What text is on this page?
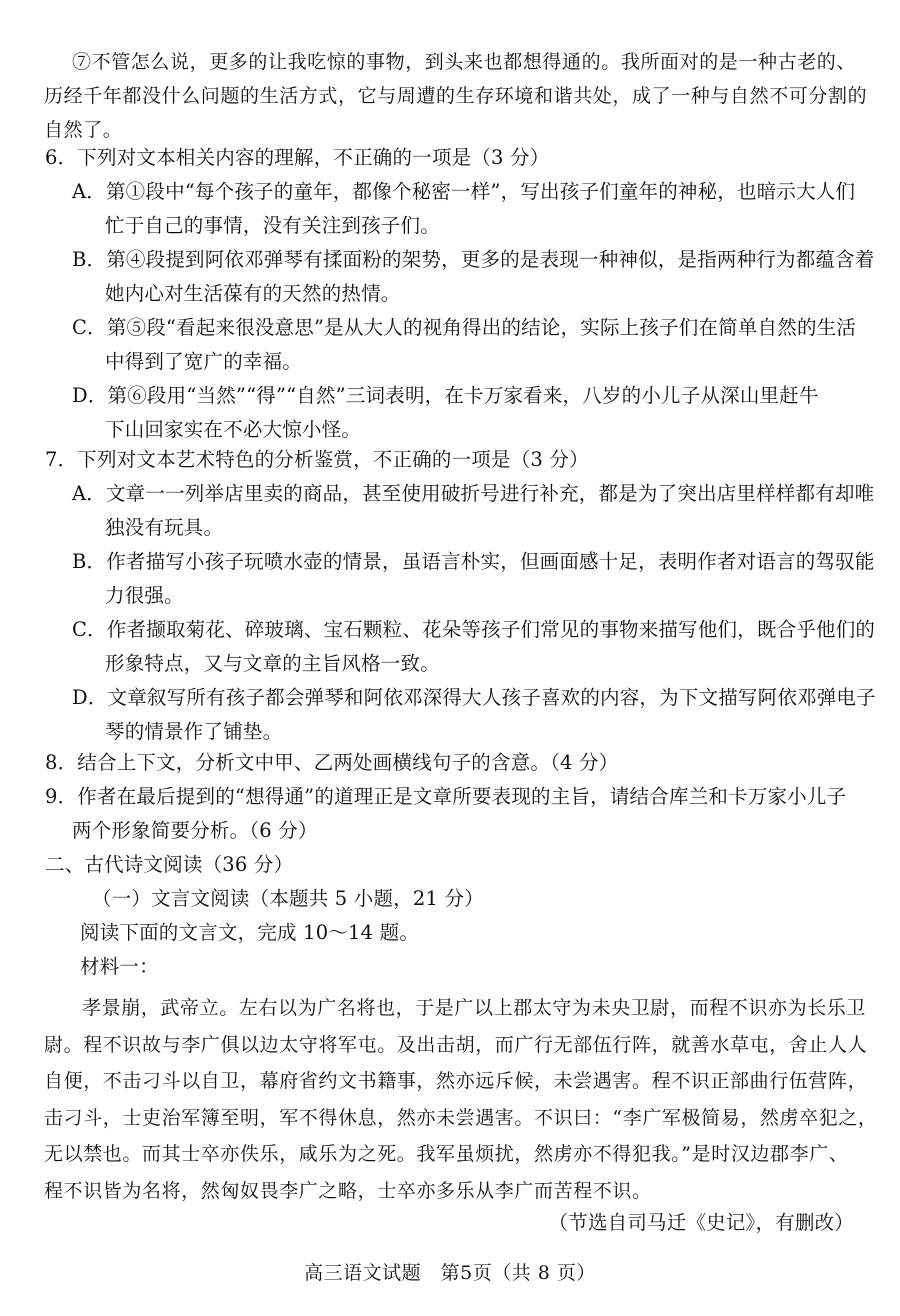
⑦不管怎么说，更多的让我吃惊的事物，到头来也都想得通的。我所面对的是一种古老的、
历经千年都没什么问题的生活方式，它与周遭的生存环境和谐共处，成了一种与自然不可分割的
自然了。
6．下列对文本相关内容的理解，不正确的一项是（3 分）
A．第①段中“每个孩子的童年，都像个秘密一样”，写出孩子们童年的神秘，也暗示大人们
忙于自己的事情，没有关注到孩子们。
B．第④段提到阿依邓弹琴有揉面粉的架势，更多的是表现一种神似，是指两种行为都蕴含着
她内心对生活葆有的天然的热情。
C．第⑤段“看起来很没意思”是从大人的视角得出的结论，实际上孩子们在简单自然的生活
中得到了宽广的幸福。
D．第⑥段用“当然”“得”“自然”三词表明，在卡万家看来，八岁的小儿子从深山里赶牛
下山回家实在不必大惊小怪。
7．下列对文本艺术特色的分析鉴赏，不正确的一项是（3 分）
A．文章一一列举店里卖的商品，甚至使用破折号进行补充，都是为了突出店里样样都有却唯
独没有玩具。
B．作者描写小孩子玩喷水壶的情景，虽语言朴实，但画面感十足，表明作者对语言的驾驭能
力很强。
C．作者撷取菊花、碎玻璃、宝石颗粒、花朵等孩子们常见的事物来描写他们，既合乎他们的
形象特点，又与文章的主旨风格一致。
D．文章叙写所有孩子都会弹琴和阿依邓深得大人孩子喜欢的内容，为下文描写阿依邓弹电子
琴的情景作了铺垫。
8．结合上下文，分析文中甲、乙两处画横线句子的含意。（4 分）
9．作者在最后提到的“想得通”的道理正是文章所要表现的主旨，请结合库兰和卡万家小儿子
两个形象简要分析。（6 分）
二、古代诗文阅读（36 分）
（一）文言文阅读（本题共 5 小题，21 分）
阅读下面的文言文，完成 10～14 题。
材料一：
孝景崩，武帝立。左右以为广名将也，于是广以上郡太守为未央卫尉，而程不识亦为长乐卫
尉。程不识故与李广俱以边太守将军屯。及出击胡，而广行无部伍行阵，就善水草屯，舍止人人
自便，不击刁斗以自卫，幕府省约文书籍事，然亦远斥候，未尝遇害。程不识正部曲行伍营阵，
击刁斗，士吏治军簿至明，军不得休息，然亦未尝遇害。不识曰：“李广军极简易，然虏卒犯之，
无以禁也。而其士卒亦佚乐，咸乐为之死。我军虽烦扰，然虏亦不得犯我。”是时汉边郡李广、
程不识皆为名将，然匈奴畏李广之略，士卒亦多乐从李广而苦程不识。
（节选自司马迁《史记》，有删改）
高三语文试题　第5页（共 8 页）
